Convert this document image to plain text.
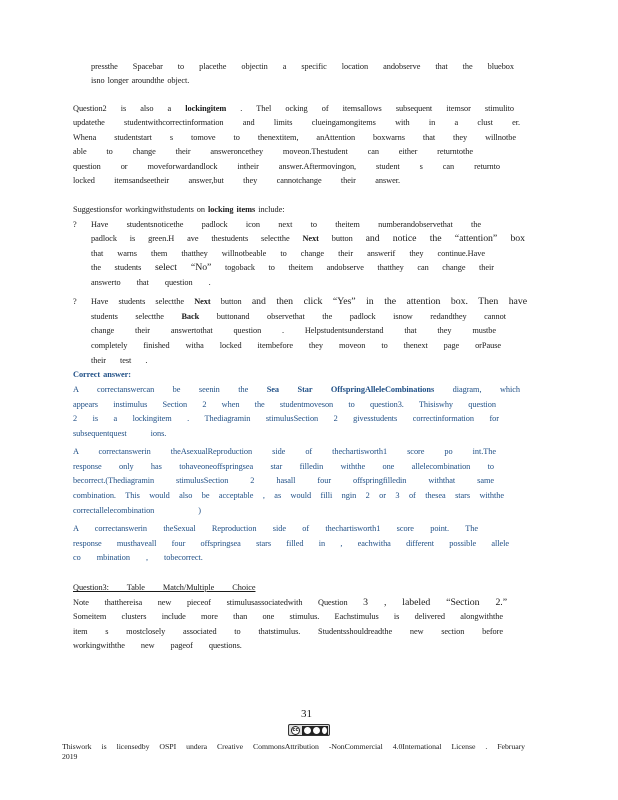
pressthe Spacebar to placethe objectin a specific location andobserve that the bluebox
isno longer aroundthe object.
Question2 is also a lockingitem . Thel ocking of itemsallows subsequent itemsor stimulito
updatethe studentwithcorrectinformation and limits clueingamongitems with in a clust er.
Whena studentstart s tomove to thenextitem, anAttention boxwarns that they willnotbe
able to change their answeroncethey moveon.Thestudent can either returntothe
question or moveforwardandlock intheir answer.Aftermovingon, student s can returnto
locked itemsandseetheir answer,but they cannotchange their answer.
Suggestionsfor workingwithstudents on locking items include:
? Have studentsnoticethe padlock icon next to theitem numberandobservethat the
padlock is green.H ave thestudents selectthe Next button and notice the “attention” box
that warns them thatthey willnotbeable to change their answerif they continue.Have
the students select “No” togoback to theitem andobserve thatthey can change their
answerto that question .
? Have students selectthe Next button and then click “Yes” in the attention box. Then have
students selectthe Back buttonand observethat the padlock isnow redandthey cannot
change their answertothat question . Helpstudentsunderstand that they mustbe
completely finished witha locked itembefore they moveon to thenext page orPause
their test .
Correct answer:
A correctanswercan be seenin the Sea Star OffspringAlleleCombinations diagram, which
appears instimulus Section 2 when the studentmoveson to question3. Thisiswhy question
2 is a lockingitem . Thediagramin stimulusSection 2 givesstudents correctinformation for
subsequentquest ions.
A correctanswerin theAsexualReproduction side of thechartisworth1 score po int.The
response only has tohaveoneoffspringsea star filledin withthe one allelecombination to
becorrect.(Thediagramin stimulusSection 2 hasall four offspringfilledin withthat same
combination. This would also be acceptable , as would filli ngin 2 or 3 of thesea stars withthe
correctallelecombination )
A correctanswerin theSexual Reproduction side of thechartisworth1 score point. The
response musthaveall four offspringsea stars filled in , eachwitha different possible allele
co mbination , tobecorrect.
Question3: Table Match/Multiple Choice
Note thatthereisa new pieceof stimulusassociatedwith Question 3 , labeled “Section 2.”
Someitem clusters include more than one stimulus. Eachstimulus is delivered alongwiththe
item s mostclosely associated to thatstimulus. Studentsshouldreadthe new section before
workingwiththe new pageof questions.
31
cc
Thiswork is licensedby OSPI undera Creative CommonsAttribution -NonCommercial 4.0International License . February
2019
